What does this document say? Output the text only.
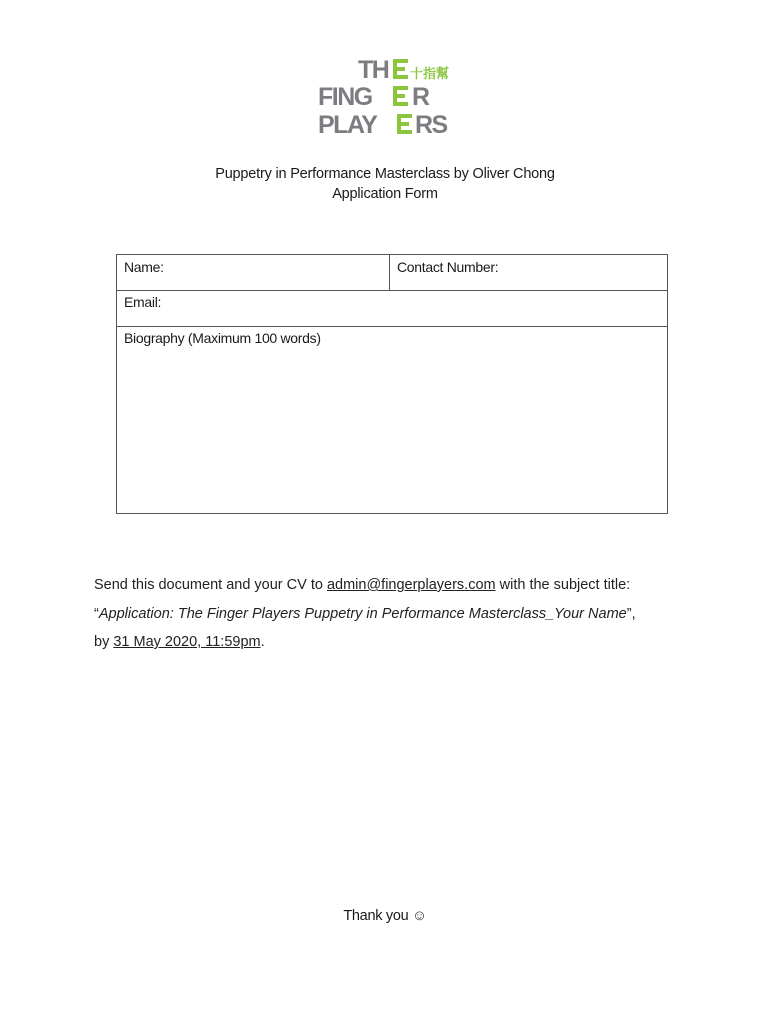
TH
FING R
PLAY RS
十指幫
Puppetry in Performance Masterclass by Oliver Chong
Application Form
Name:	Contact Number:
Email:
Biography (Maximum 100 words)
Send this document and your CV to admin@fingerplayers.com with the subject title:
“Application: The Finger Players Puppetry in Performance Masterclass_Your Name”,
by 31 May 2020, 11:59pm.
Thank you ☺
